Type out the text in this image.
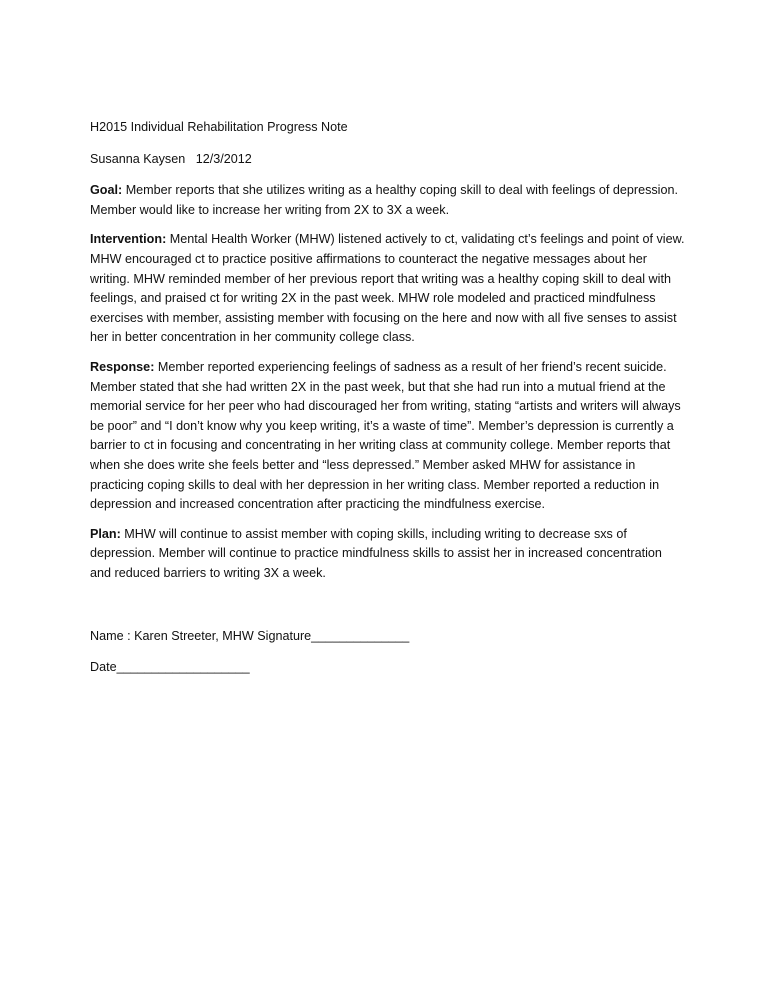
H2015 Individual Rehabilitation Progress Note

Susanna Kaysen 12/3/2012

Goal: Member reports that she utilizes writing as a healthy coping skill to deal with feelings of depression. Member would like to increase her writing from 2X to 3X a week.

Intervention: Mental Health Worker (MHW) listened actively to ct, validating ct’s feelings and point of view. MHW encouraged ct to practice positive affirmations to counteract the negative messages about her writing. MHW reminded member of her previous report that writing was a healthy coping skill to deal with feelings, and praised ct for writing 2X in the past week. MHW role modeled and practiced mindfulness exercises with member, assisting member with focusing on the here and now with all five senses to assist her in better concentration in her community college class.

Response: Member reported experiencing feelings of sadness as a result of her friend’s recent suicide. Member stated that she had written 2X in the past week, but that she had run into a mutual friend at the memorial service for her peer who had discouraged her from writing, stating “artists and writers will always be poor” and “I don’t know why you keep writing, it’s a waste of time”. Member’s depression is currently a barrier to ct in focusing and concentrating in her writing class at community college. Member reports that when she does write she feels better and “less depressed.” Member asked MHW for assistance in practicing coping skills to deal with her depression in her writing class. Member reported a reduction in depression and increased concentration after practicing the mindfulness exercise.

Plan: MHW will continue to assist member with coping skills, including writing to decrease sxs of depression. Member will continue to practice mindfulness skills to assist her in increased concentration and reduced barriers to writing 3X a week.

Name : Karen Streeter, MHW Signature______________

Date___________________
